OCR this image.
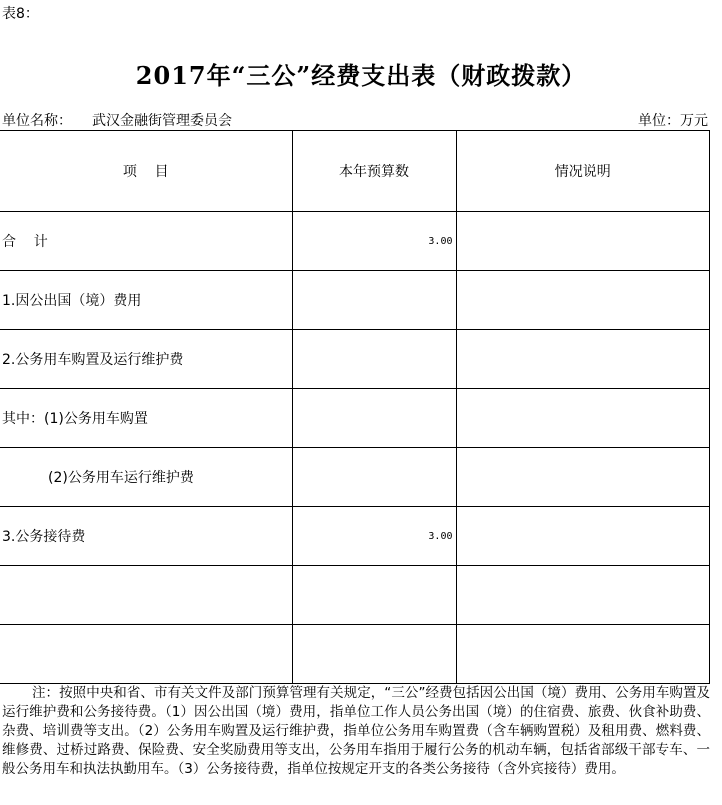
表8：
2017年“三公”经费支出表（财政拨款）
单位名称： 武汉金融街管理委员会	单位：万元
项    目	本年预算数	情况说明
合    计	3.00	
1.因公出国（境）费用		
2.公务用车购置及运行维护费		
其中：(1)公务用车购置		
(2)公务用车运行维护费		
3.公务接待费	3.00	

注：按照中央和省、市有关文件及部门预算管理有关规定，“三公”经费包括因公出国（境）费用、公务用车购置及运行维护费和公务接待费。（1）因公出国（境）费用，指单位工作人员公务出国（境）的住宿费、旅费、伙食补助费、杂费、培训费等支出。（2）公务用车购置及运行维护费，指单位公务用车购置费（含车辆购置税）及租用费、燃料费、维修费、过桥过路费、保险费、安全奖励费用等支出，公务用车指用于履行公务的机动车辆，包括省部级干部专车、一般公务用车和执法执勤用车。（3）公务接待费，指单位按规定开支的各类公务接待（含外宾接待）费用。
